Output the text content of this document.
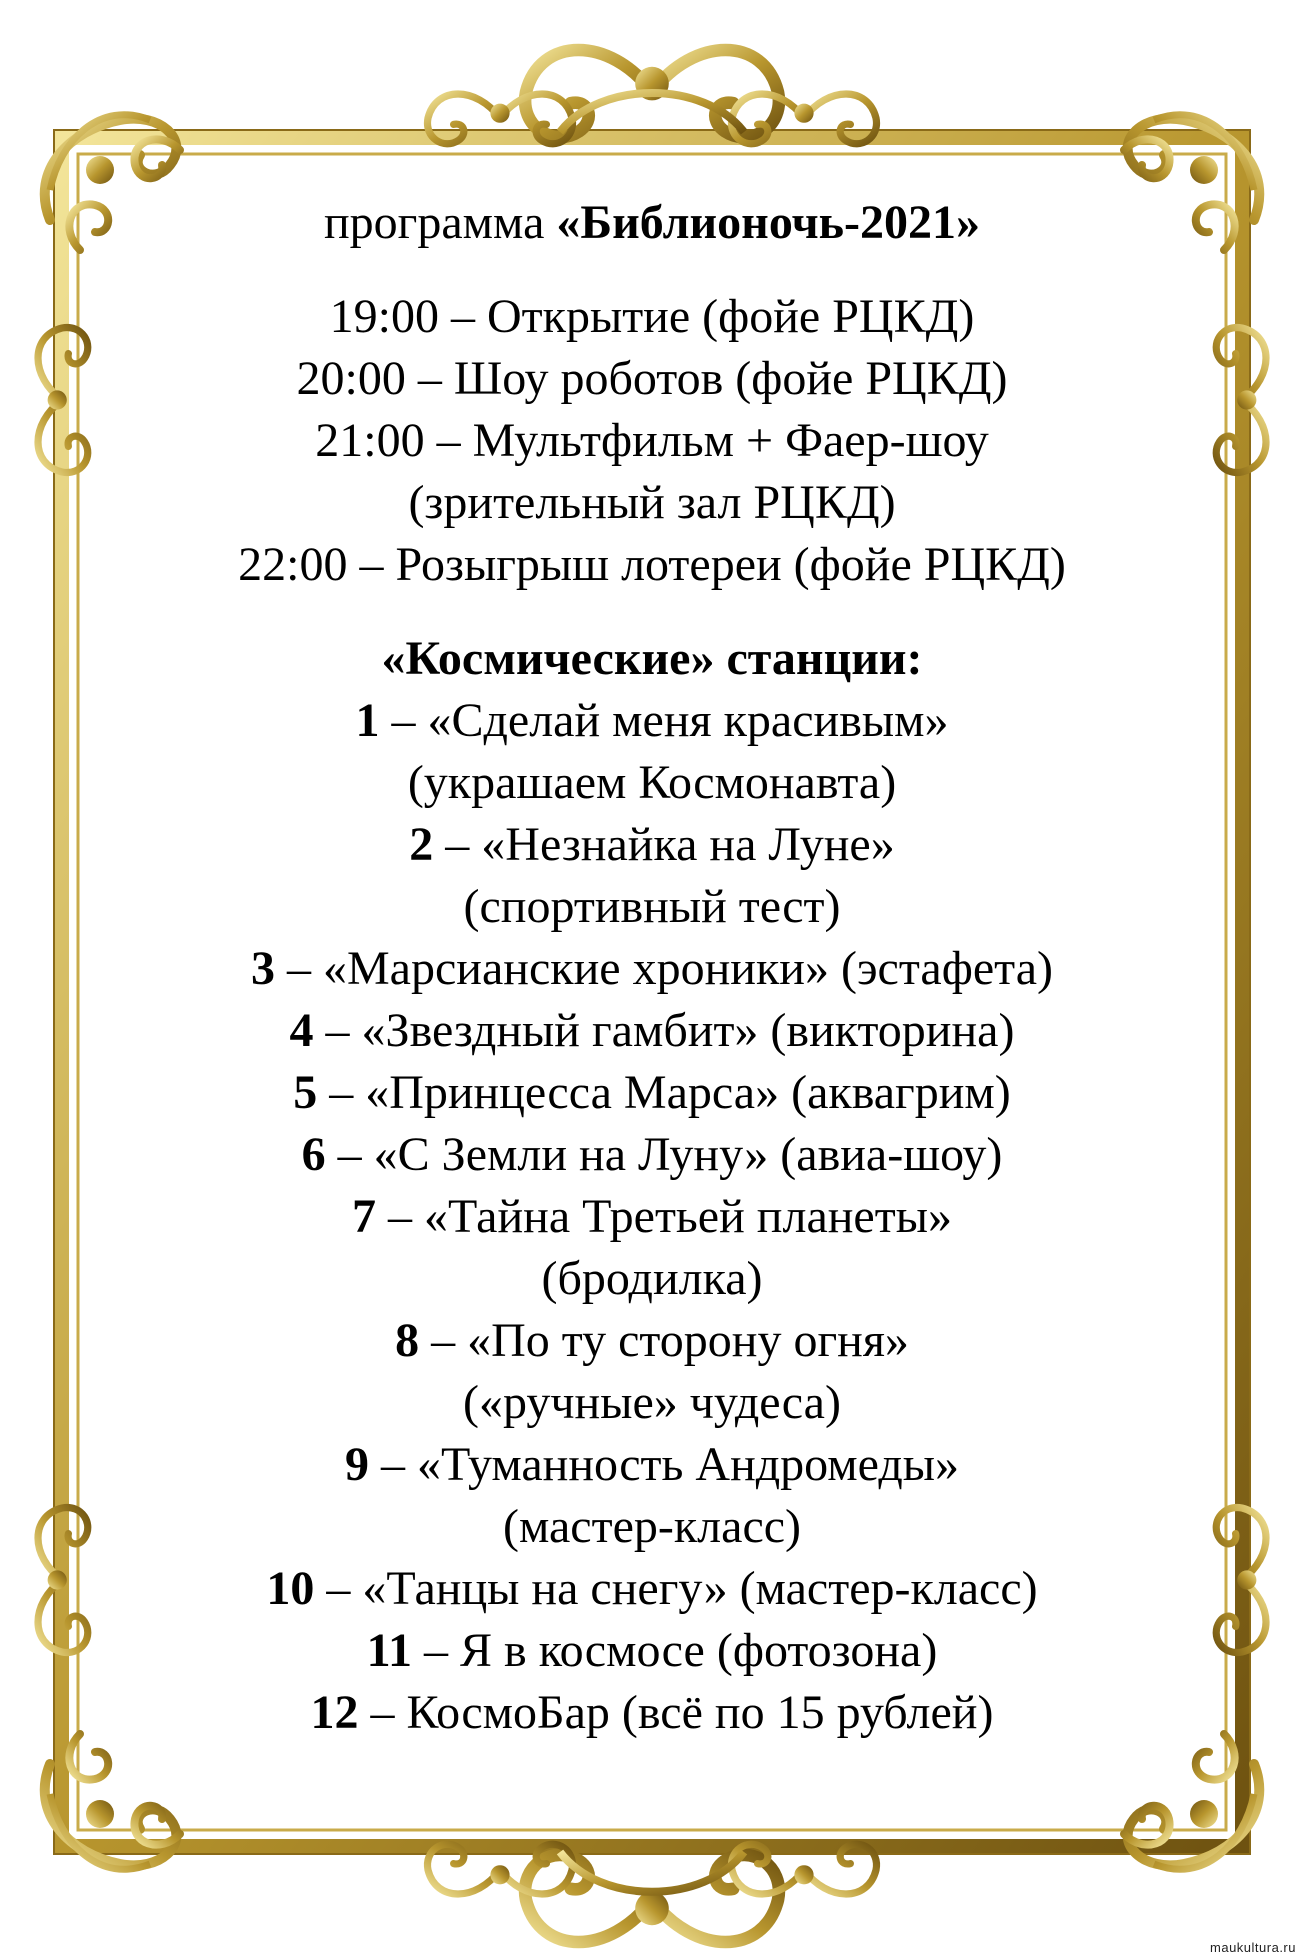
программа «Библионочь-2021»
19:00 – Открытие (фойе РЦКД)
20:00 – Шоу роботов (фойе РЦКД)
21:00 – Мультфильм + Фаер-шоу
(зрительный зал РЦКД)
22:00 – Розыгрыш лотереи (фойе РЦКД)
«Космические» станции:
1 – «Сделай меня красивым»
(украшаем Космонавта)
2 – «Незнайка на Луне»
(спортивный тест)
3 – «Марсианские хроники» (эстафета)
4 – «Звездный гамбит» (викторина)
5 – «Принцесса Марса» (аквагрим)
6 – «С Земли на Луну» (авиа-шоу)
7 – «Тайна Третьей планеты»
(бродилка)
8 – «По ту сторону огня»
(«ручные» чудеса)
9 – «Туманность Андромеды»
(мастер-класс)
10 – «Танцы на снегу» (мастер-класс)
11 – Я в космосе (фотозона)
12 – КосмоБар (всё по 15 рублей)
maukultura.ru
